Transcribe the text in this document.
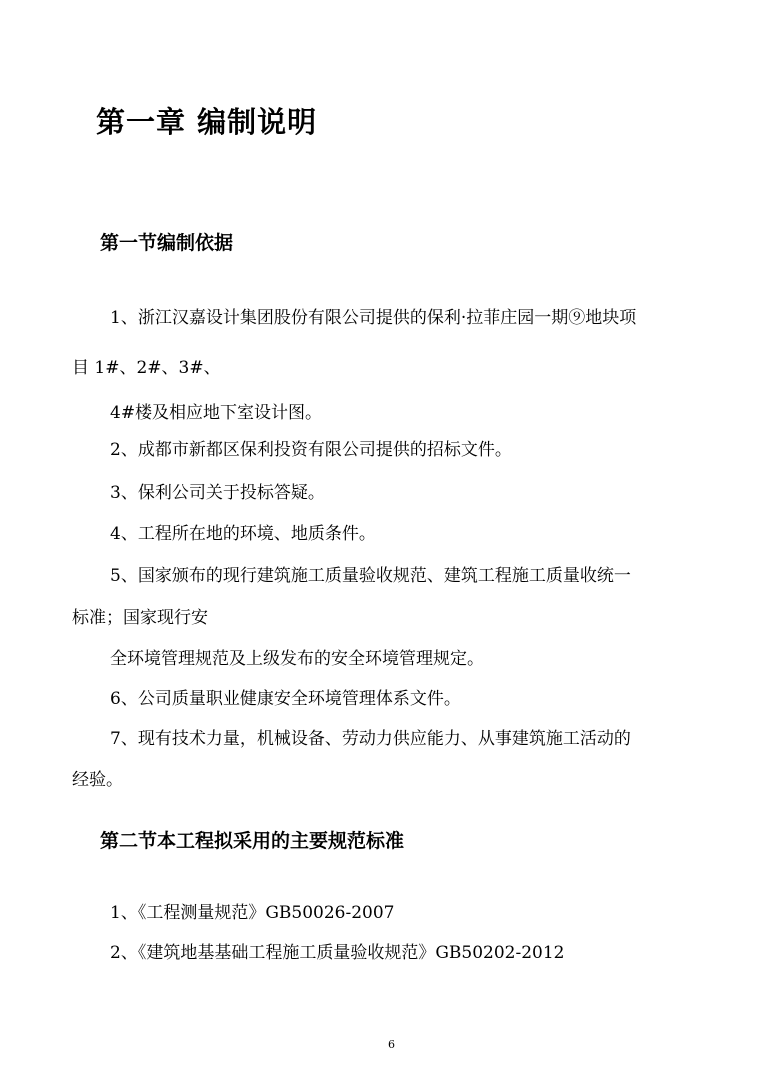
第一章 编制说明
第一节编制依据
1、浙江汉嘉设计集团股份有限公司提供的保利·拉菲庄园一期⑨地块项
目 1#、2#、3#、
4#楼及相应地下室设计图。
2、成都市新都区保利投资有限公司提供的招标文件。
3、保利公司关于投标答疑。
4、工程所在地的环境、地质条件。
5、国家颁布的现行建筑施工质量验收规范、建筑工程施工质量收统一
标准；国家现行安
全环境管理规范及上级发布的安全环境管理规定。
6、公司质量职业健康安全环境管理体系文件。
7、现有技术力量，机械设备、劳动力供应能力、从事建筑施工活动的
经验。
第二节本工程拟采用的主要规范标准
1、《工程测量规范》GB50026-2007
2、《建筑地基基础工程施工质量验收规范》GB50202-2012
6
